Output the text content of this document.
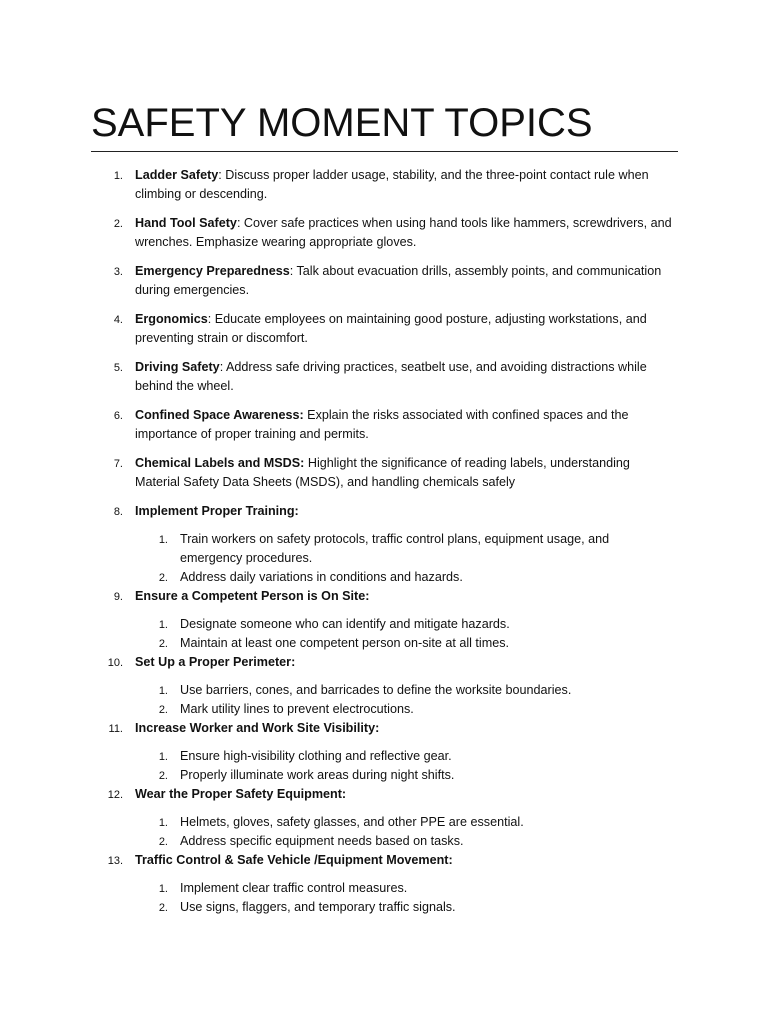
SAFETY MOMENT TOPICS
1. Ladder Safety: Discuss proper ladder usage, stability, and the three-point contact rule when climbing or descending.
2. Hand Tool Safety: Cover safe practices when using hand tools like hammers, screwdrivers, and wrenches. Emphasize wearing appropriate gloves.
3. Emergency Preparedness: Talk about evacuation drills, assembly points, and communication during emergencies.
4. Ergonomics: Educate employees on maintaining good posture, adjusting workstations, and preventing strain or discomfort.
5. Driving Safety: Address safe driving practices, seatbelt use, and avoiding distractions while behind the wheel.
6. Confined Space Awareness: Explain the risks associated with confined spaces and the importance of proper training and permits.
7. Chemical Labels and MSDS: Highlight the significance of reading labels, understanding Material Safety Data Sheets (MSDS), and handling chemicals safely
8. Implement Proper Training:
1. Train workers on safety protocols, traffic control plans, equipment usage, and emergency procedures.
2. Address daily variations in conditions and hazards.
9. Ensure a Competent Person is On Site:
1. Designate someone who can identify and mitigate hazards.
2. Maintain at least one competent person on-site at all times.
10. Set Up a Proper Perimeter:
1. Use barriers, cones, and barricades to define the worksite boundaries.
2. Mark utility lines to prevent electrocutions.
11. Increase Worker and Work Site Visibility:
1. Ensure high-visibility clothing and reflective gear.
2. Properly illuminate work areas during night shifts.
12. Wear the Proper Safety Equipment:
1. Helmets, gloves, safety glasses, and other PPE are essential.
2. Address specific equipment needs based on tasks.
13. Traffic Control & Safe Vehicle /Equipment Movement:
1. Implement clear traffic control measures.
2. Use signs, flaggers, and temporary traffic signals.
